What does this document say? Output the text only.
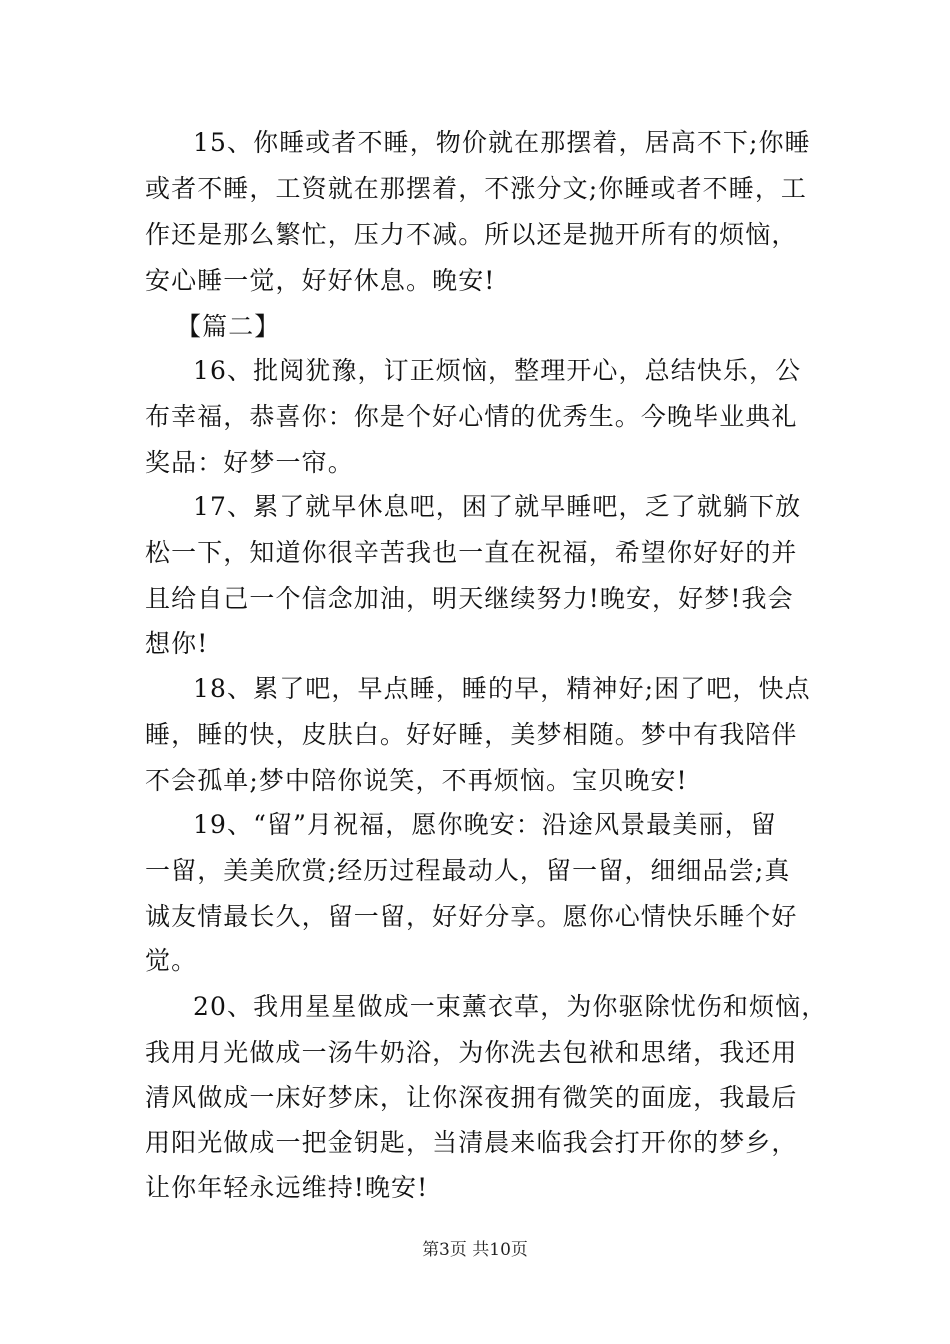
15、你睡或者不睡，物价就在那摆着，居高不下;你睡
或者不睡，工资就在那摆着，不涨分文;你睡或者不睡，工
作还是那么繁忙，压力不减。所以还是抛开所有的烦恼，
安心睡一觉，好好休息。晚安!
【篇二】
16、批阅犹豫，订正烦恼，整理开心，总结快乐，公
布幸福，恭喜你：你是个好心情的优秀生。今晚毕业典礼
奖品：好梦一帘。
17、累了就早休息吧，困了就早睡吧，乏了就躺下放
松一下，知道你很辛苦我也一直在祝福，希望你好好的并
且给自己一个信念加油，明天继续努力!晚安，好梦!我会
想你!
18、累了吧，早点睡，睡的早，精神好;困了吧，快点
睡，睡的快，皮肤白。好好睡，美梦相随。梦中有我陪伴
不会孤单;梦中陪你说笑，不再烦恼。宝贝晚安!
19、“留”月祝福，愿你晚安：沿途风景最美丽，留
一留，美美欣赏;经历过程最动人，留一留，细细品尝;真
诚友情最长久，留一留，好好分享。愿你心情快乐睡个好
觉。
20、我用星星做成一束薰衣草，为你驱除忧伤和烦恼，
我用月光做成一汤牛奶浴，为你洗去包袱和思绪，我还用
清风做成一床好梦床，让你深夜拥有微笑的面庞，我最后
用阳光做成一把金钥匙，当清晨来临我会打开你的梦乡，
让你年轻永远维持!晚安!
第3页 共10页
